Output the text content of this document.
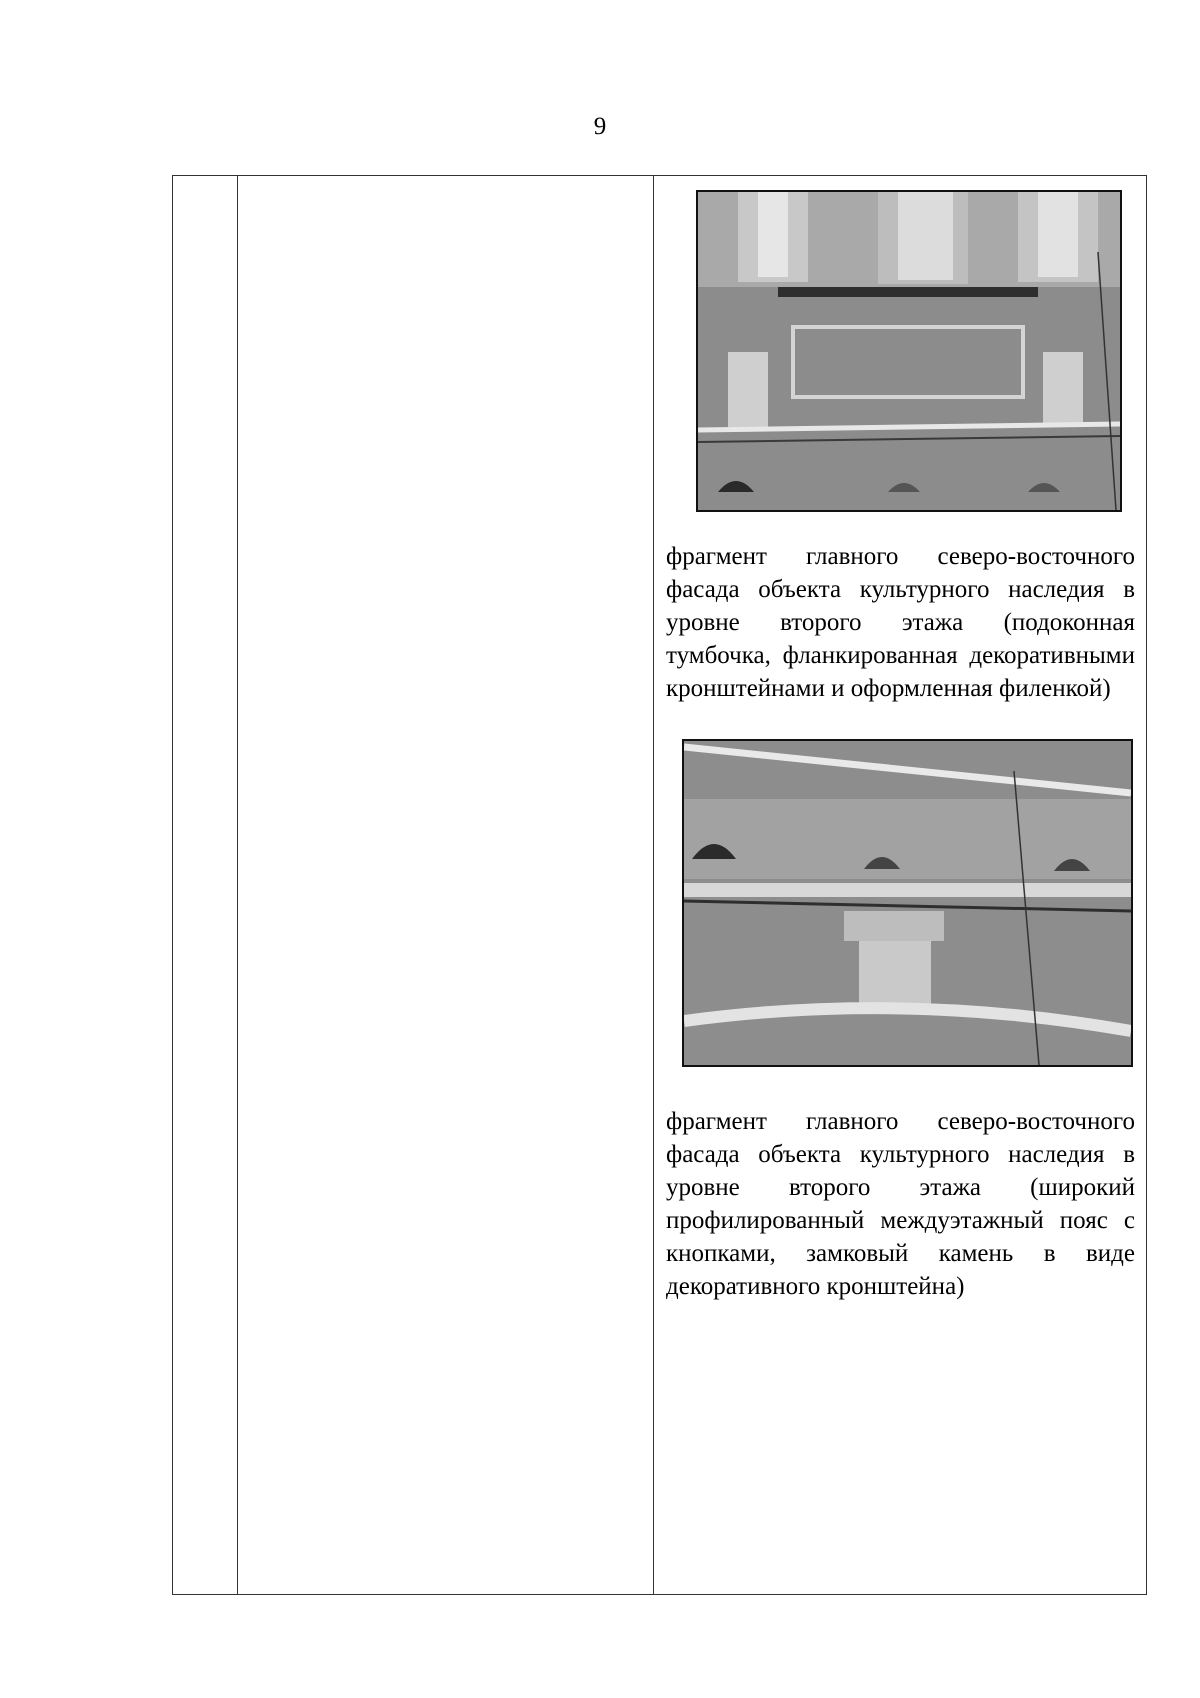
9

фрагмент главного северо-восточного фасада объекта культурного наследия в уровне второго этажа (подоконная тумбочка, фланкированная декоративными кронштейнами и оформленная филенкой)

фрагмент главного северо-восточного фасада объекта культурного наследия в уровне второго этажа (широкий профилированный междуэтажный пояс с кнопками, замковый камень в виде декоративного кронштейна)
